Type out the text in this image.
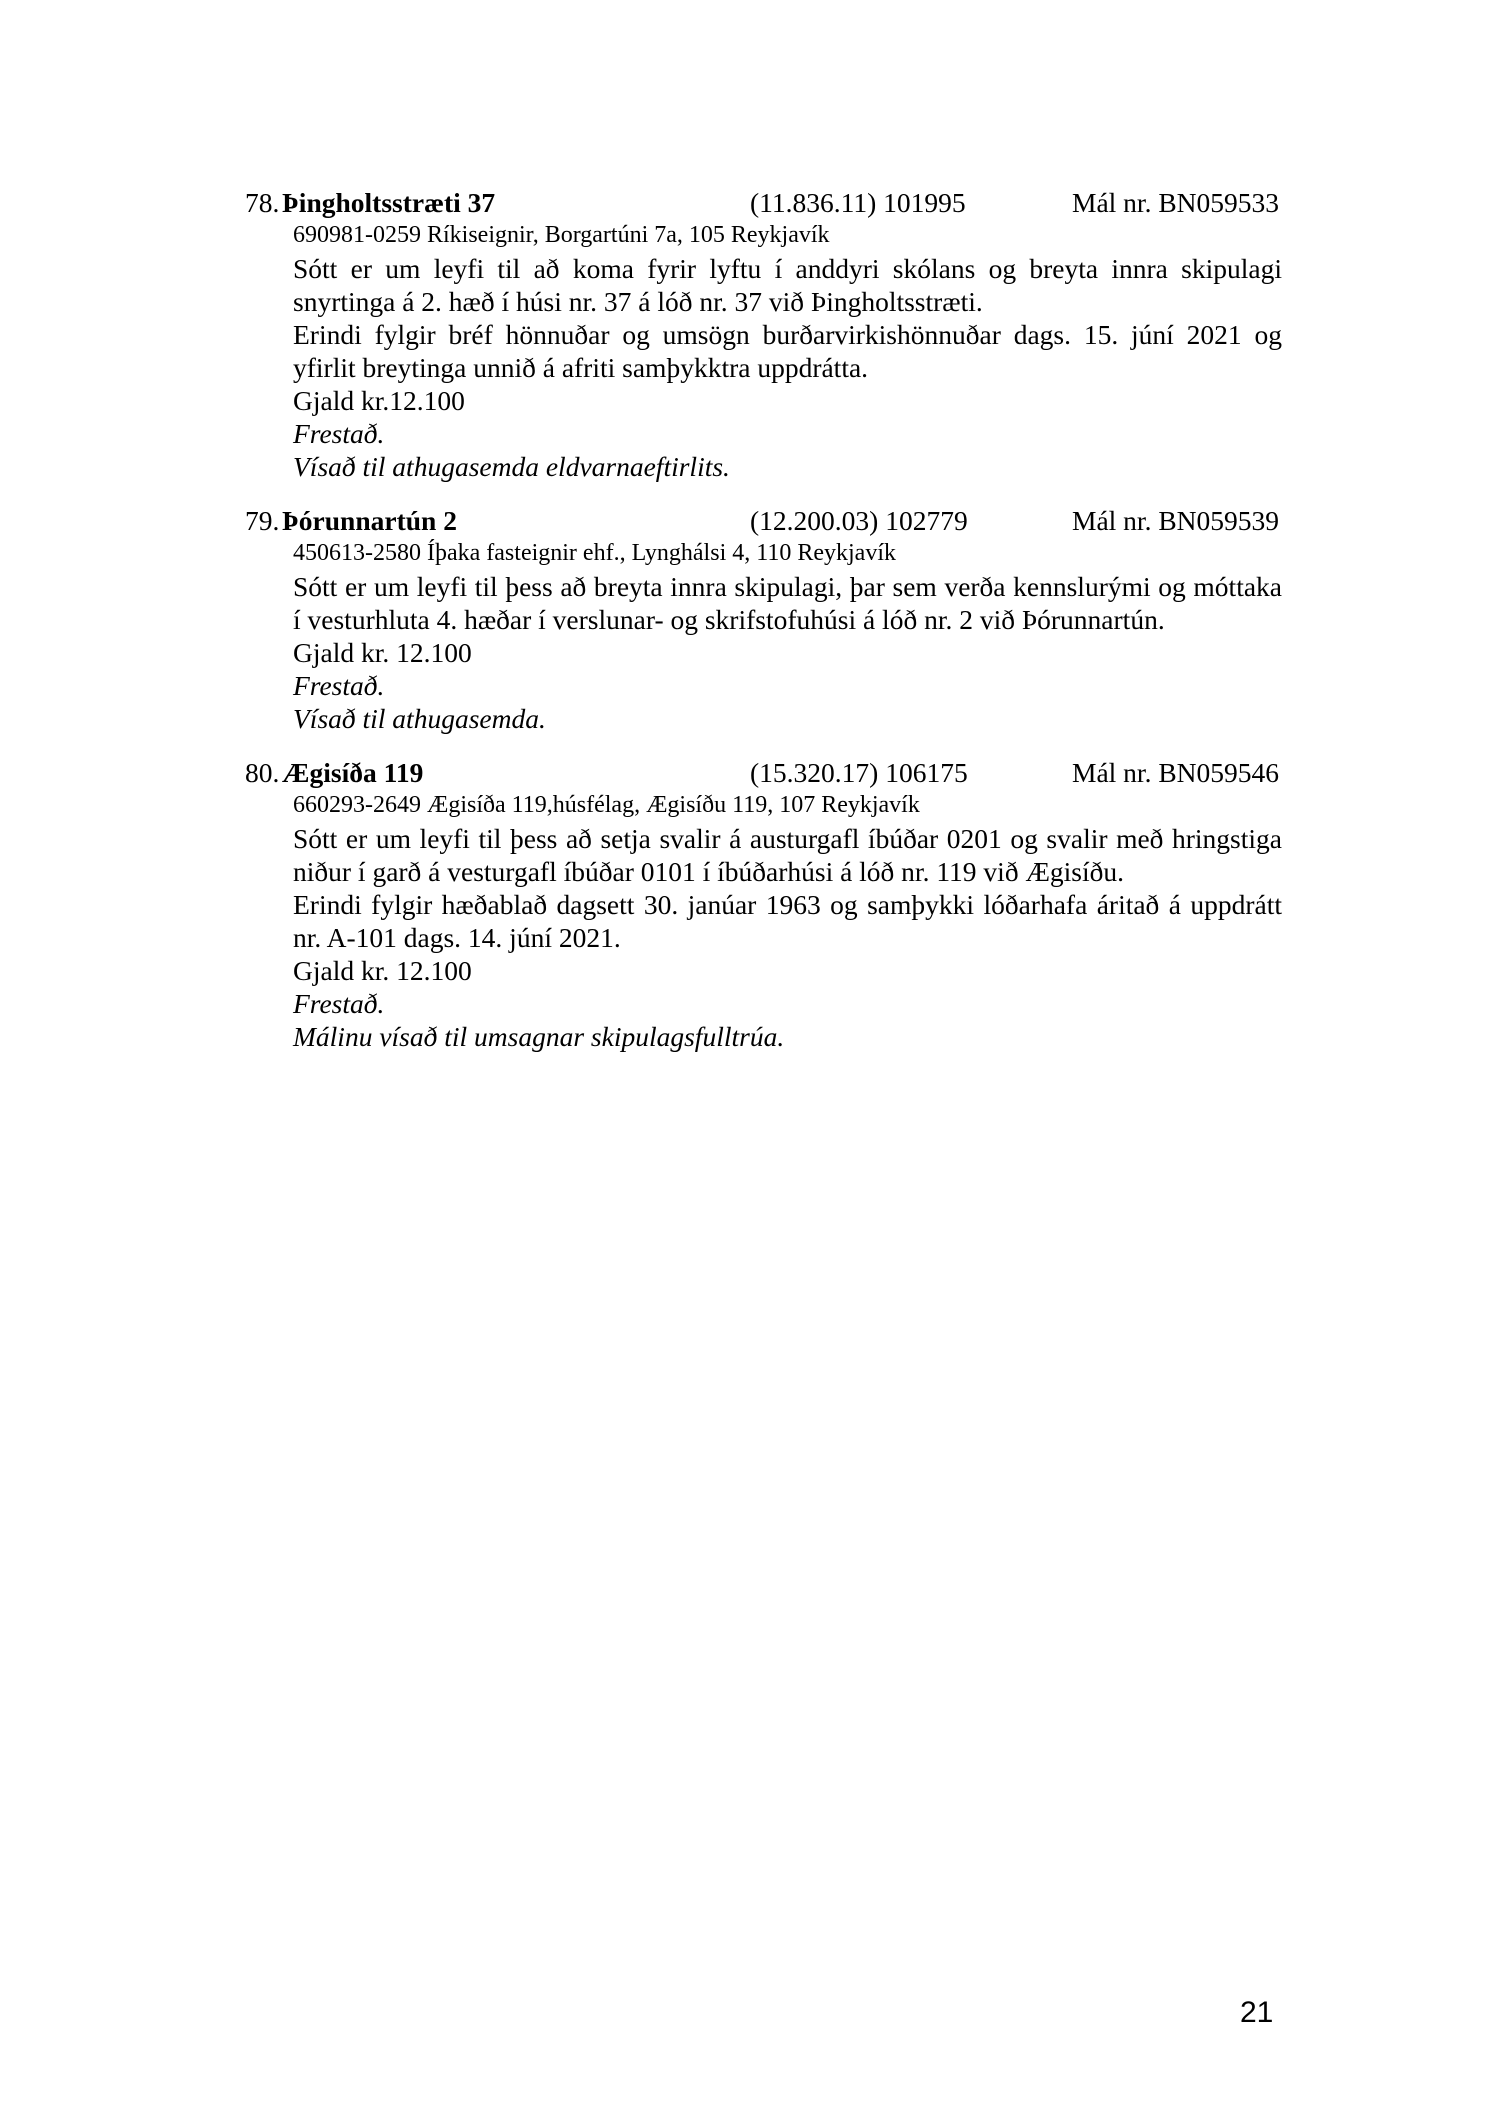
78. Þingholtsstræti 37	(11.836.11) 101995	Mál nr. BN059533

690981-0259 Ríkiseignir, Borgartúni 7a, 105 Reykjavík

Sótt er um leyfi til að koma fyrir lyftu í anddyri skólans og breyta innra skipulagi snyrtinga á 2. hæð í húsi nr. 37 á lóð nr. 37 við Þingholtsstræti.

Erindi fylgir bréf hönnuðar og umsögn burðarvirkishönnuðar dags. 15. júní 2021 og yfirlit breytinga unnið á afriti samþykktra uppdrátta.

Gjald kr.12.100

Frestað.

Vísað til athugasemda eldvarnaeftirlits.

79. Þórunnartún 2	(12.200.03) 102779	Mál nr. BN059539

450613-2580 Íþaka fasteignir ehf., Lynghálsi 4, 110 Reykjavík

Sótt er um leyfi til þess að breyta innra skipulagi, þar sem verða kennslurými og móttaka í vesturhluta 4. hæðar í verslunar- og skrifstofuhúsi á lóð nr. 2 við Þórunnartún.

Gjald kr. 12.100

Frestað.

Vísað til athugasemda.

80. Ægisíða 119	(15.320.17) 106175	Mál nr. BN059546

660293-2649 Ægisíða 119,húsfélag, Ægisíðu 119, 107 Reykjavík

Sótt er um leyfi til þess að setja svalir á austurgafl íbúðar 0201 og svalir með hringstiga niður í garð á vesturgafl íbúðar 0101 í íbúðarhúsi á lóð nr. 119 við Ægisíðu.

Erindi fylgir hæðablað dagsett 30. janúar 1963 og samþykki lóðarhafa áritað á uppdrátt nr. A-101 dags. 14. júní 2021.

Gjald kr. 12.100

Frestað.

Málinu vísað til umsagnar skipulagsfulltrúa.

21
